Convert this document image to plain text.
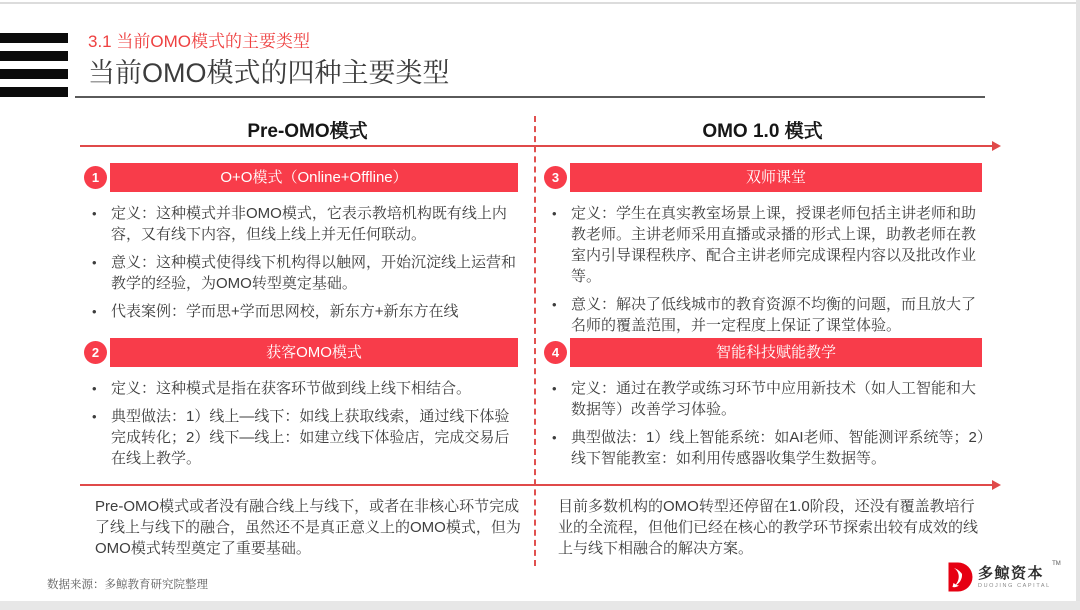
3.1 当前OMO模式的主要类型
当前OMO模式的四种主要类型
Pre-OMO模式	OMO 1.0 模式
1	O+O模式（Online+Offline）
• 定义：这种模式并非OMO模式，它表示教培机构既有线上内容，又有线下内容，但线上线上并无任何联动。
• 意义：这种模式使得线下机构得以触网，开始沉淀线上运营和教学的经验，为OMO转型奠定基础。
• 代表案例：学而思+学而思网校，新东方+新东方在线
2	获客OMO模式
• 定义：这种模式是指在获客环节做到线上线下相结合。
• 典型做法：1）线上—线下：如线上获取线索，通过线下体验完成转化；2）线下—线上：如建立线下体验店，完成交易后在线上教学。
3	双师课堂
• 定义：学生在真实教室场景上课，授课老师包括主讲老师和助教老师。主讲老师采用直播或录播的形式上课，助教老师在教室内引导课程秩序、配合主讲老师完成课程内容以及批改作业等。
• 意义：解决了低线城市的教育资源不均衡的问题，而且放大了名师的覆盖范围，并一定程度上保证了课堂体验。
4	智能科技赋能教学
• 定义：通过在教学或练习环节中应用新技术（如人工智能和大数据等）改善学习体验。
• 典型做法：1）线上智能系统：如AI老师、智能测评系统等；2）线下智能教室：如利用传感器收集学生数据等。
Pre-OMO模式或者没有融合线上与线下，或者在非核心环节完成了线上与线下的融合，虽然还不是真正意义上的OMO模式，但为OMO模式转型奠定了重要基础。
目前多数机构的OMO转型还停留在1.0阶段，还没有覆盖教培行业的全流程，但他们已经在核心的教学环节探索出较有成效的线上与线下相融合的解决方案。
数据来源：多鲸教育研究院整理
多鲸资本
TM
DUOJING CAPITAL
